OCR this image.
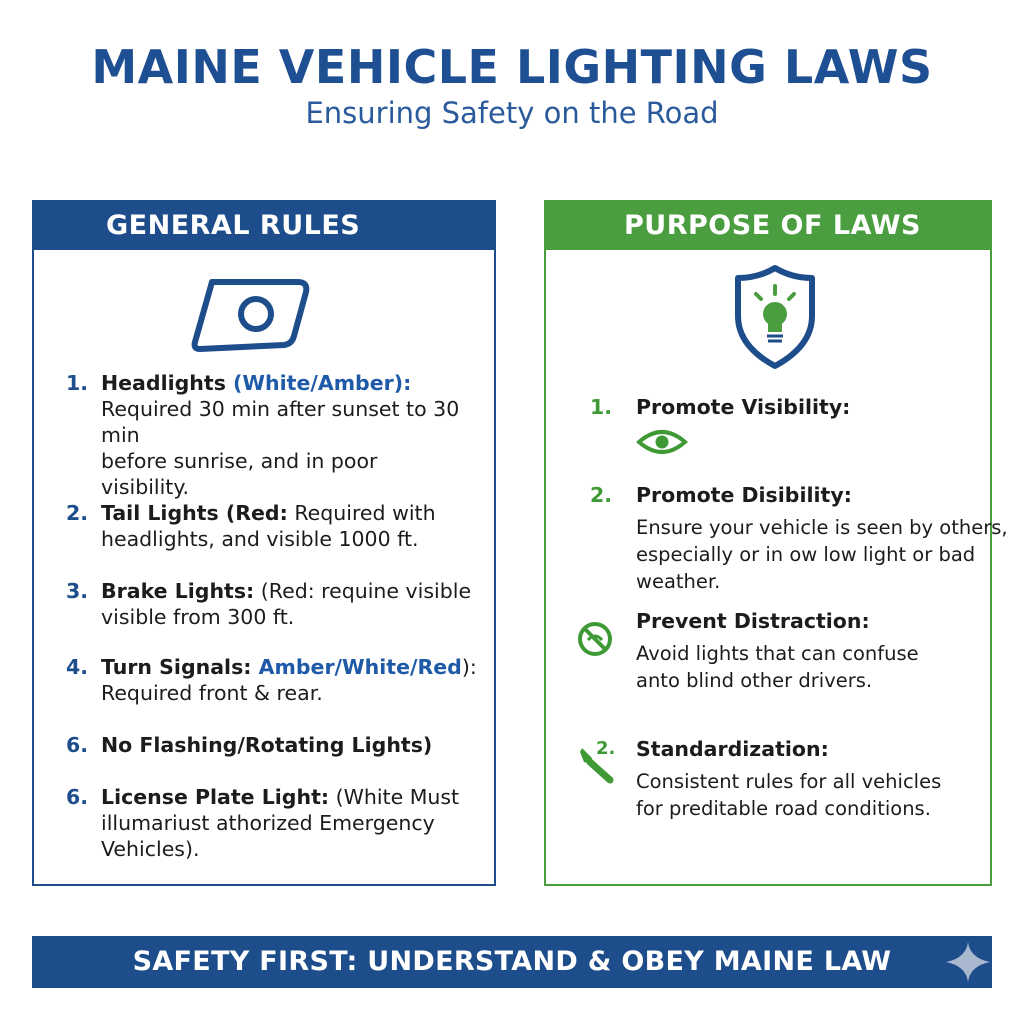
MAINE VEHICLE LIGHTING LAWS
Ensuring Safety on the Road
GENERAL RULES
1. Headlights (White/Amber):
Required 30 min after sunset to 30 min
before sunrise, and in poor
visibility.
2. Tail Lights (Red: Required with
headlights, and visible 1000 ft.
3. Brake Lights: (Red: requine visible
visible from 300 ft.
4. Turn Signals: Amber/White/Red):
Required front & rear.
6. No Flashing/Rotating Lights)
6. License Plate Light: (White Must
illumariust athorized Emergency
Vehicles).
PURPOSE OF LAWS
1. Promote Visibility:
2. Promote Disibility:

Ensure your vehicle is seen by others,
especially or in ow low light or bad
weather.
Prevent Distraction:

Avoid lights that can confuse
anto blind other drivers.
2. Standardization:

Consistent rules for all vehicles
for preditable road conditions.
SAFETY FIRST: UNDERSTAND & OBEY MAINE LAW
